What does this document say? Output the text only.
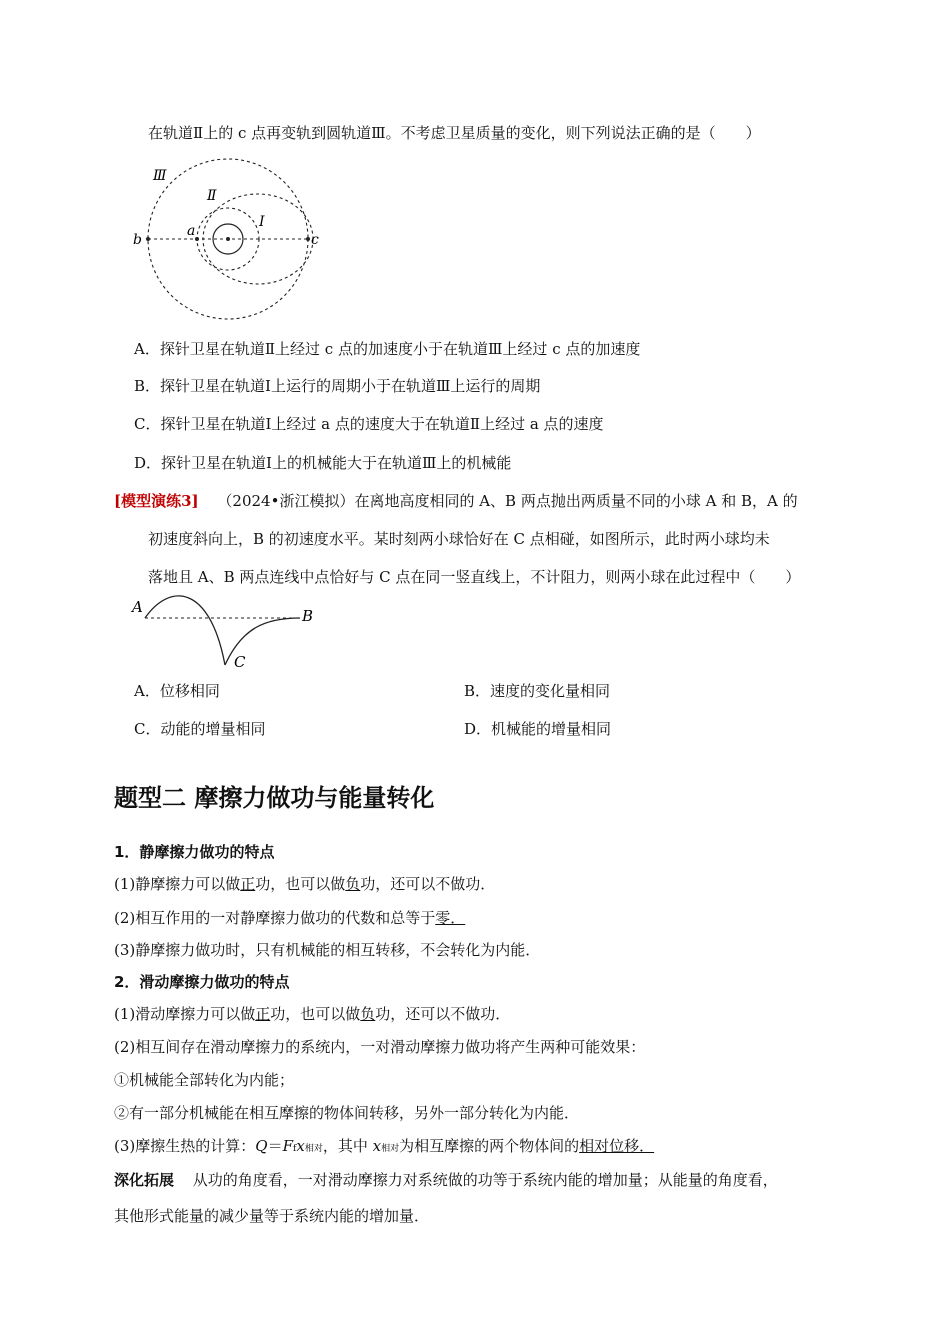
在轨道Ⅱ上的 c 点再变轨到圆轨道Ⅲ。不考虑卫星质量的变化，则下列说法正确的是（　　）
Ⅲ
Ⅱ
Ⅰ
a
b	c
A．探针卫星在轨道Ⅱ上经过 c 点的加速度小于在轨道Ⅲ上经过 c 点的加速度
B．探针卫星在轨道Ⅰ上运行的周期小于在轨道Ⅲ上运行的周期
C．探针卫星在轨道Ⅰ上经过 a 点的速度大于在轨道Ⅱ上经过 a 点的速度
D．探针卫星在轨道Ⅰ上的机械能大于在轨道Ⅲ上的机械能
[模型演练3] （2024•浙江模拟）在离地高度相同的 A、B 两点抛出两质量不同的小球 A 和 B，A 的
初速度斜向上，B 的初速度水平。某时刻两小球恰好在 C 点相碰，如图所示，此时两小球均未
落地且 A、B 两点连线中点恰好与 C 点在同一竖直线上，不计阻力，则两小球在此过程中（　　）
A	B
C
A．位移相同	B．速度的变化量相同
C．动能的增量相同	D．机械能的增量相同
题型二 摩擦力做功与能量转化
1．静摩擦力做功的特点
(1)静摩擦力可以做正功，也可以做负功，还可以不做功．
(2)相互作用的一对静摩擦力做功的代数和总等于零．
(3)静摩擦力做功时，只有机械能的相互转移，不会转化为内能．
2．滑动摩擦力做功的特点
(1)滑动摩擦力可以做正功，也可以做负功，还可以不做功．
(2)相互间存在滑动摩擦力的系统内，一对滑动摩擦力做功将产生两种可能效果：
①机械能全部转化为内能；
②有一部分机械能在相互摩擦的物体间转移，另外一部分转化为内能．
(3)摩擦生热的计算：Q＝Ffx相对，其中 x相对为相互摩擦的两个物体间的相对位移．
深化拓展 从功的角度看，一对滑动摩擦力对系统做的功等于系统内能的增加量；从能量的角度看，
其他形式能量的减少量等于系统内能的增加量．
